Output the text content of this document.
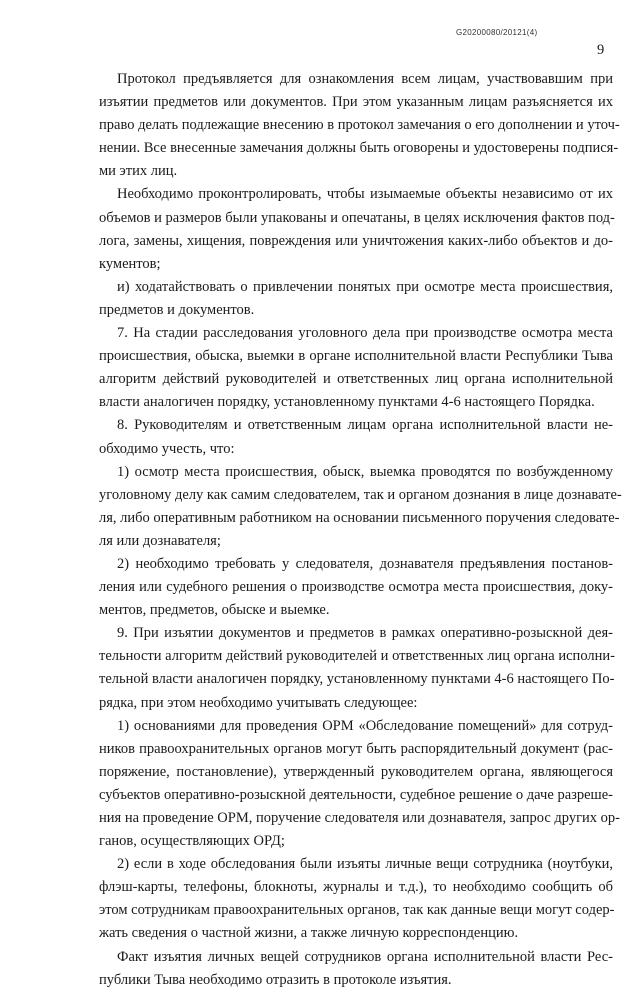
G20200080/20121(4)
9

Протокол предъявляется для ознакомления всем лицам, участвовавшим при
изъятии предметов или документов. При этом указанным лицам разъясняется их
право делать подлежащие внесению в протокол замечания о его дополнении и уточ-
нении. Все внесенные замечания должны быть оговорены и удостоверены подпися-
ми этих лиц.

Необходимо проконтролировать, чтобы изымаемые объекты независимо от их
объемов и размеров были упакованы и опечатаны, в целях исключения фактов под-
лога, замены, хищения, повреждения или уничтожения каких-либо объектов и до-
кументов;

и) ходатайствовать о привлечении понятых при осмотре места происшествия,
предметов и документов.

7. На стадии расследования уголовного дела при производстве осмотра места
происшествия, обыска, выемки в органе исполнительной власти Республики Тыва
алгоритм действий руководителей и ответственных лиц органа исполнительной
власти аналогичен порядку, установленному пунктами 4-6 настоящего Порядка.

8. Руководителям и ответственным лицам органа исполнительной власти не-
обходимо учесть, что:

1) осмотр места происшествия, обыск, выемка проводятся по возбужденному
уголовному делу как самим следователем, так и органом дознания в лице дознавате-
ля, либо оперативным работником на основании письменного поручения следовате-
ля или дознавателя;

2) необходимо требовать у следователя, дознавателя предъявления постанов-
ления или судебного решения о производстве осмотра места происшествия, доку-
ментов, предметов, обыске и выемке.

9. При изъятии документов и предметов в рамках оперативно-розыскной дея-
тельности алгоритм действий руководителей и ответственных лиц органа исполни-
тельной власти аналогичен порядку, установленному пунктами 4-6 настоящего По-
рядка, при этом необходимо учитывать следующее:

1) основаниями для проведения ОРМ «Обследование помещений» для сотруд-
ников правоохранительных органов могут быть распорядительный документ (рас-
поряжение, постановление), утвержденный руководителем органа, являющегося
субъектов оперативно-розыскной деятельности, судебное решение о даче разреше-
ния на проведение ОРМ, поручение следователя или дознавателя, запрос других ор-
ганов, осуществляющих ОРД;

2) если в ходе обследования были изъяты личные вещи сотрудника (ноутбуки,
флэш-карты, телефоны, блокноты, журналы и т.д.), то необходимо сообщить об
этом сотрудникам правоохранительных органов, так как данные вещи могут содер-
жать сведения о частной жизни, а также личную корреспонденцию.

Факт изъятия личных вещей сотрудников органа исполнительной власти Рес-
публики Тыва необходимо отразить в протоколе изъятия.
